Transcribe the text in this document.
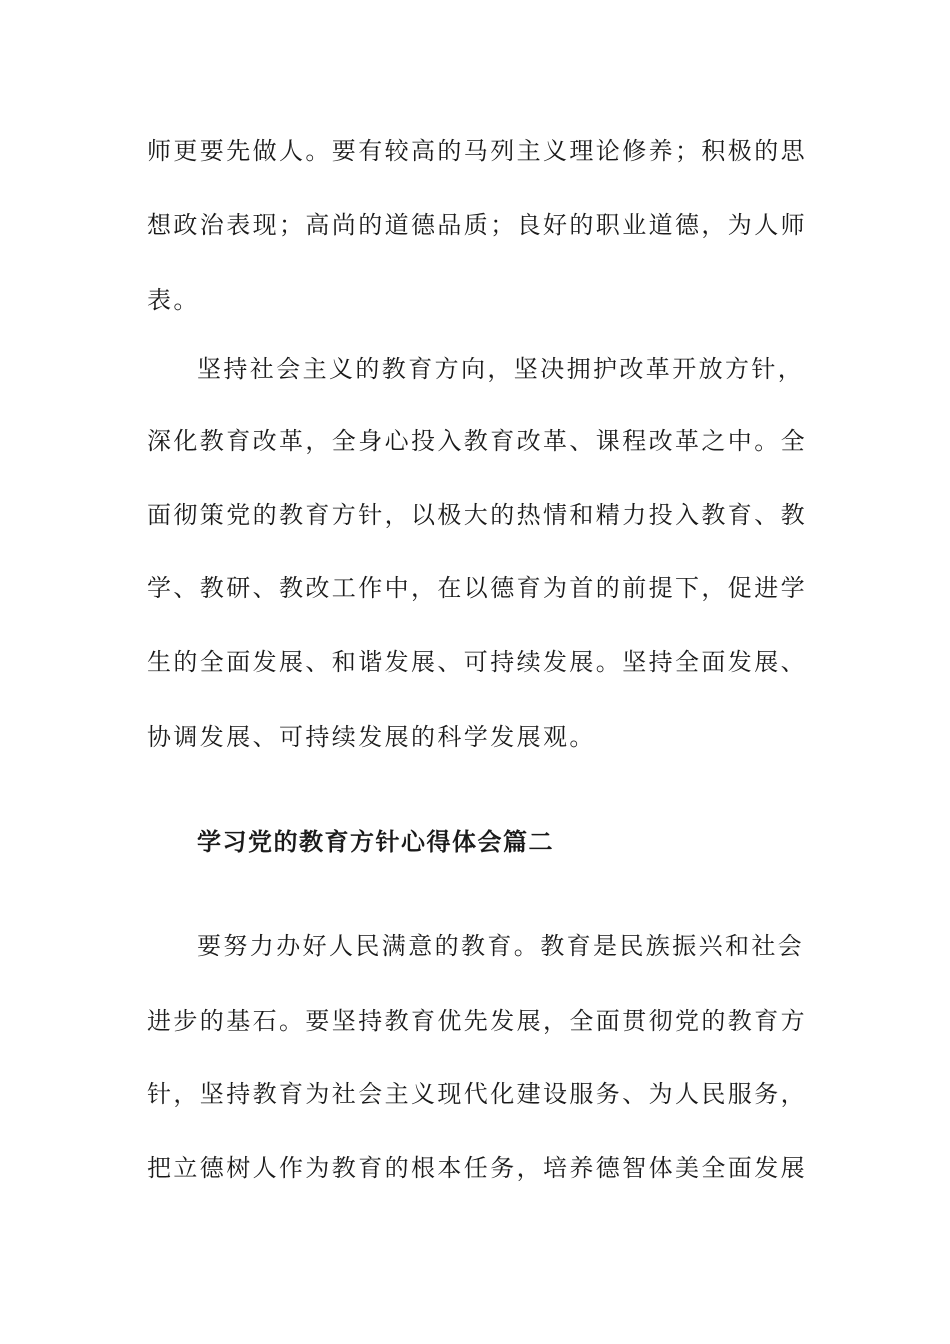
师更要先做人。要有较高的马列主义理论修养；积极的思
想政治表现；高尚的道德品质；良好的职业道德，为人师
表。
坚持社会主义的教育方向，坚决拥护改革开放方针，
深化教育改革，全身心投入教育改革、课程改革之中。全
面彻策党的教育方针，以极大的热情和精力投入教育、教
学、教研、教改工作中，在以德育为首的前提下，促进学
生的全面发展、和谐发展、可持续发展。坚持全面发展、
协调发展、可持续发展的科学发展观。
学习党的教育方针心得体会篇二
要努力办好人民满意的教育。教育是民族振兴和社会
进步的基石。要坚持教育优先发展，全面贯彻党的教育方
针，坚持教育为社会主义现代化建设服务、为人民服务，
把立德树人作为教育的根本任务，培养德智体美全面发展
